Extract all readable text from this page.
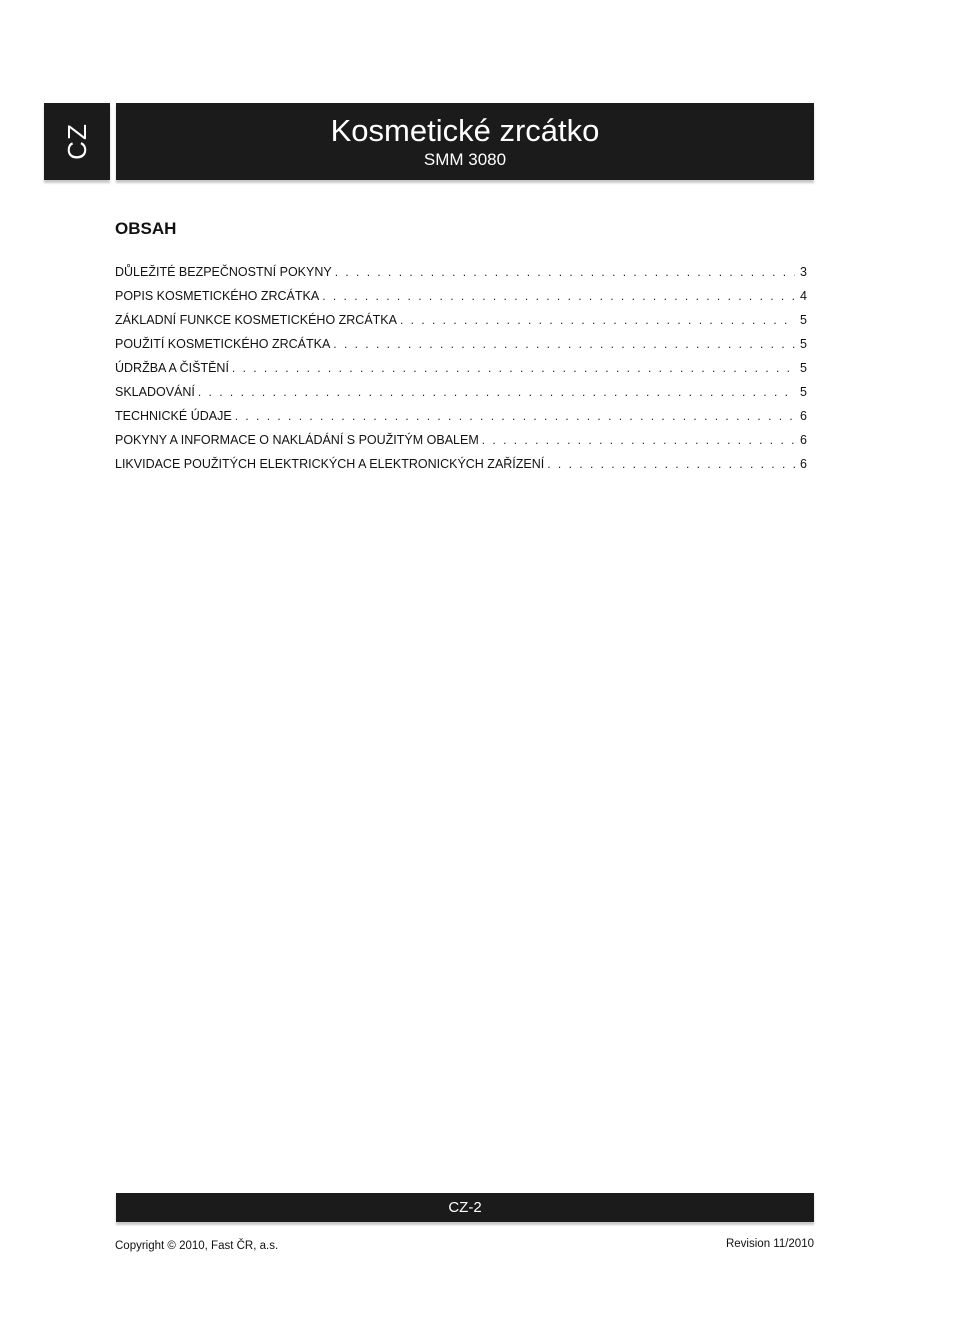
CZ	Kosmetické zrcátko
SMM 3080
OBSAH
DŮLEŽITÉ BEZPEČNOSTNÍ POKYNY . . .	3
POPIS KOSMETICKÉHO ZRCÁTKA . . .	4
ZÁKLADNÍ FUNKCE KOSMETICKÉHO ZRCÁTKA . . .	5
POUŽITÍ KOSMETICKÉHO ZRCÁTKA . . .	5
ÚDRŽBA A ČIŠTĚNÍ . . .	5
SKLADOVÁNÍ . . .	5
TECHNICKÉ ÚDAJE . . .	6
POKYNY A INFORMACE O NAKLÁDÁNÍ S POUŽITÝM OBALEM . . .	6
LIKVIDACE POUŽITÝCH ELEKTRICKÝCH A ELEKTRONICKÝCH ZAŘÍZENÍ . . .	6
CZ-2
Copyright © 2010, Fast ČR, a.s.	Revision 11/2010
